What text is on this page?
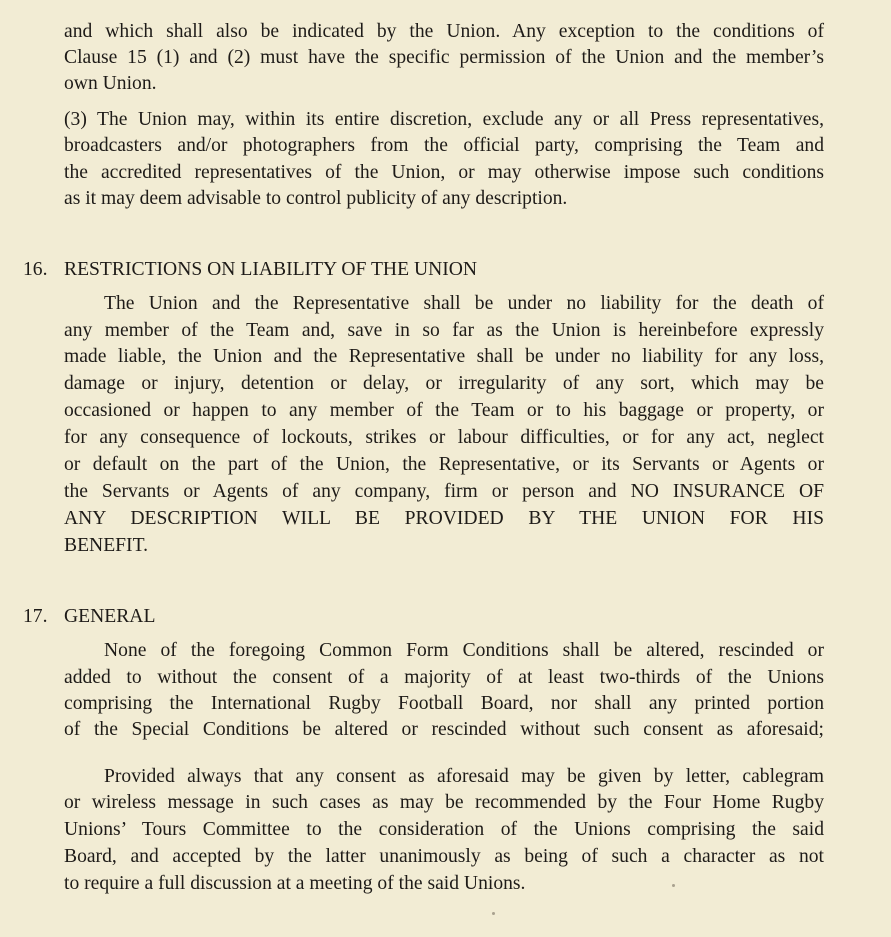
and which shall also be indicated by the Union. Any exception to the conditions of
Clause 15 (1) and (2) must have the specific permission of the Union and the member’s
own Union.
(3) The Union may, within its entire discretion, exclude any or all Press representatives,
broadcasters and/or photographers from the official party, comprising the Team and
the accredited representatives of the Union, or may otherwise impose such conditions
as it may deem advisable to control publicity of any description.
16. RESTRICTIONS ON LIABILITY OF THE UNION
The Union and the Representative shall be under no liability for the death of
any member of the Team and, save in so far as the Union is hereinbefore expressly
made liable, the Union and the Representative shall be under no liability for any loss,
damage or injury, detention or delay, or irregularity of any sort, which may be
occasioned or happen to any member of the Team or to his baggage or property, or
for any consequence of lockouts, strikes or labour difficulties, or for any act, neglect
or default on the part of the Union, the Representative, or its Servants or Agents or
the Servants or Agents of any company, firm or person and NO INSURANCE OF
ANY DESCRIPTION WILL BE PROVIDED BY THE UNION FOR HIS
BENEFIT.
17. GENERAL
None of the foregoing Common Form Conditions shall be altered, rescinded or
added to without the consent of a majority of at least two-thirds of the Unions
comprising the International Rugby Football Board, nor shall any printed portion
of the Special Conditions be altered or rescinded without such consent as aforesaid;
Provided always that any consent as aforesaid may be given by letter, cablegram
or wireless message in such cases as may be recommended by the Four Home Rugby
Unions’ Tours Committee to the consideration of the Unions comprising the said
Board, and accepted by the latter unanimously as being of such a character as not
to require a full discussion at a meeting of the said Unions.
